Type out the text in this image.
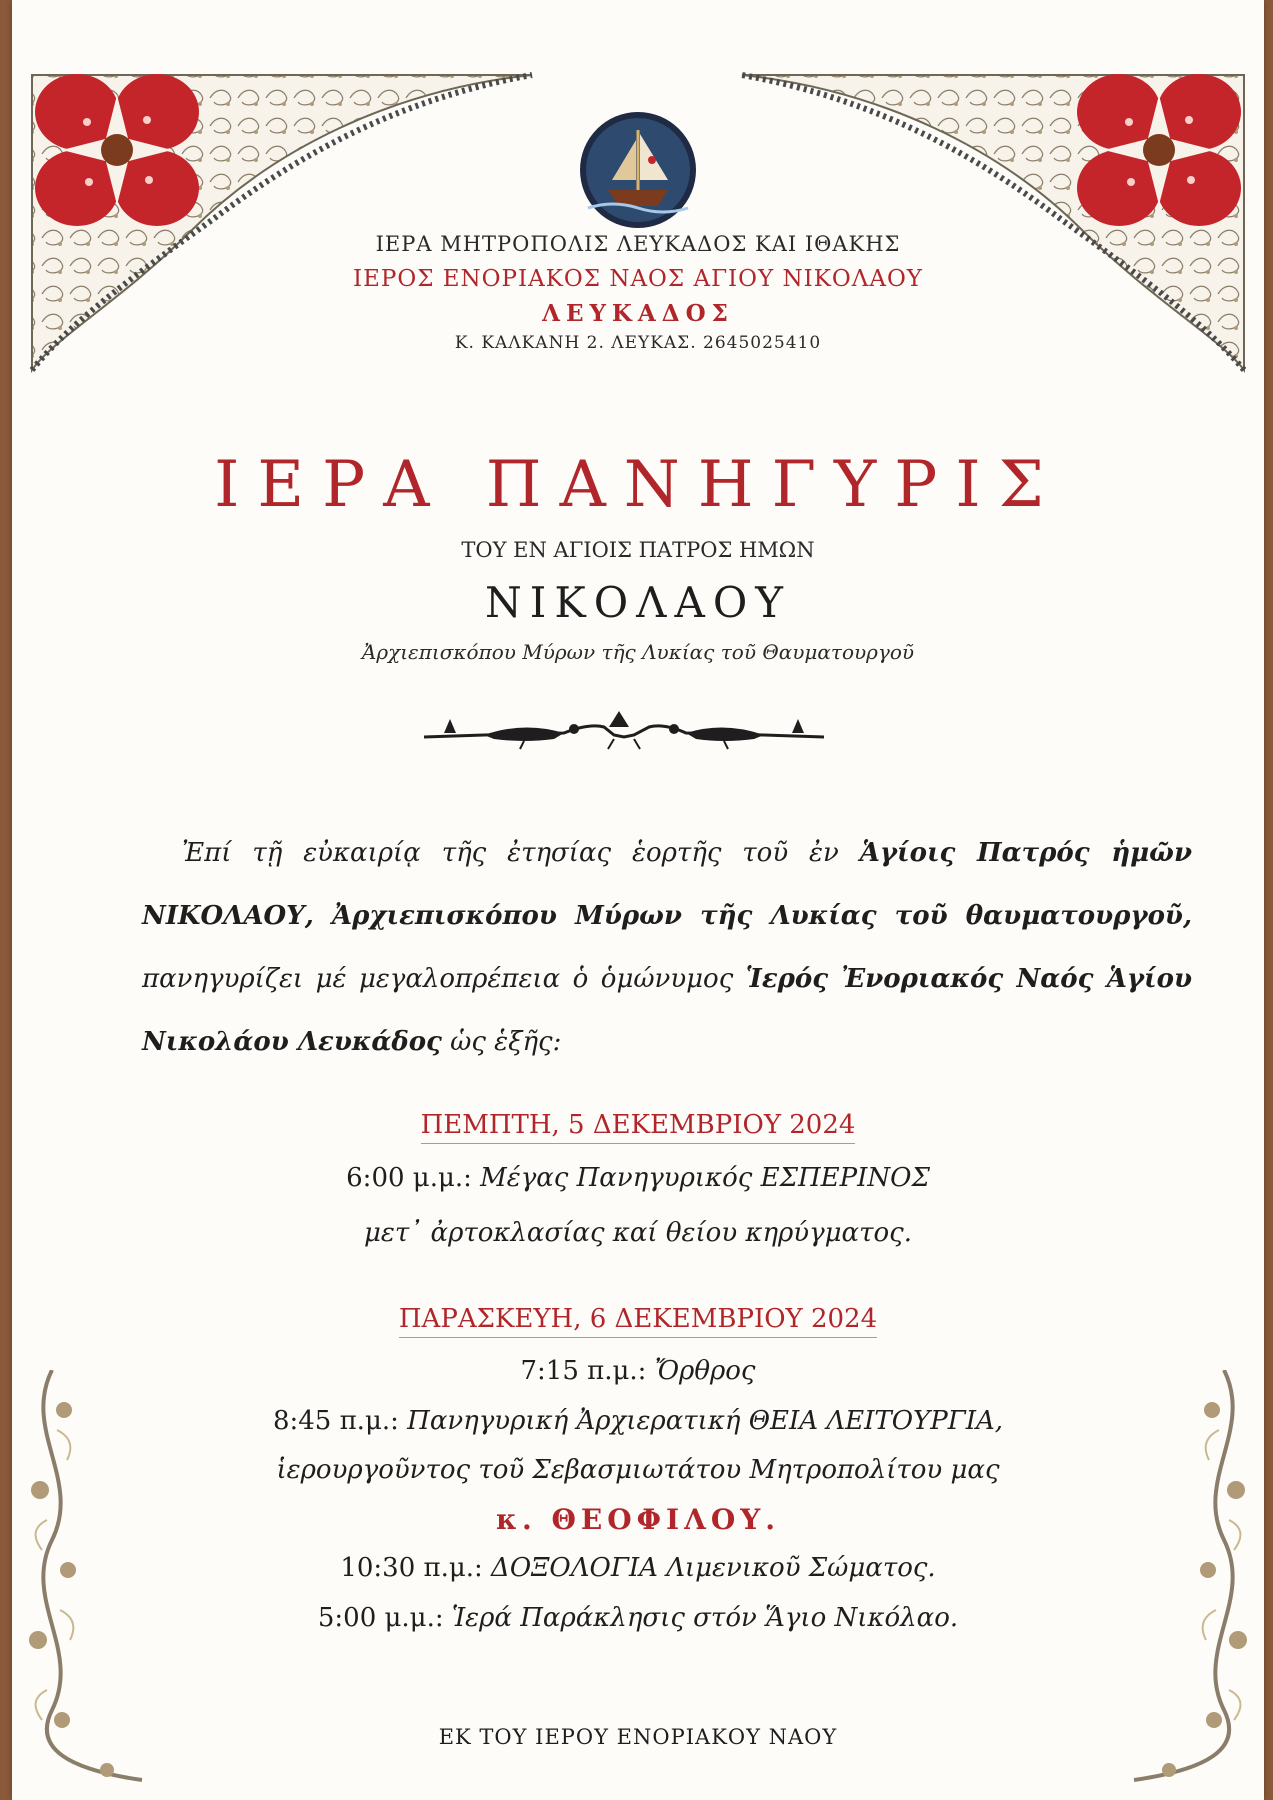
ΙΕΡΑ ΜΗΤΡΟΠΟΛΙΣ ΛΕΥΚΑΔΟΣ ΚΑΙ ΙΘΑΚΗΣ
ΙΕΡΟΣ ΕΝΟΡΙΑΚΟΣ ΝΑΟΣ ΑΓΙΟΥ ΝΙΚΟΛΑΟΥ
ΛΕΥΚΑΔΟΣ
Κ. ΚΑΛΚΑΝΗ 2. ΛΕΥΚΑΣ. 2645025410
ΙΕΡΑ ΠΑΝΗΓΥΡΙΣ
ΤΟΥ ΕΝ ΑΓΙΟΙΣ ΠΑΤΡΟΣ ΗΜΩΝ
ΝΙΚΟΛΑΟΥ
Ἀρχιεπισκόπου Μύρων τῆς Λυκίας τοῦ Θαυματουργοῦ
Ἐπί τῇ εὐκαιρίᾳ τῆς ἐτησίας ἑορτῆς τοῦ ἐν Ἁγίοις Πατρός ἡμῶν ΝΙΚΟΛΑΟΥ, Ἀρχιεπισκόπου Μύρων τῆς Λυκίας τοῦ θαυματουργοῦ, πανηγυρίζει μέ μεγαλοπρέπεια ὁ ὁμώνυμος Ἱερός Ἐνοριακός Ναός Ἁγίου Νικολάου Λευκάδος ὡς ἑξῆς:
ΠΕΜΠΤΗ, 5 ΔΕΚΕΜΒΡΙΟΥ 2024
6:00 μ.μ.: Μέγας Πανηγυρικός ΕΣΠΕΡΙΝΟΣ
μετ᾽ ἀρτοκλασίας καί θείου κηρύγματος.
ΠΑΡΑΣΚΕΥΗ, 6 ΔΕΚΕΜΒΡΙΟΥ 2024
7:15 π.μ.: Ὄρθρος
8:45 π.μ.: Πανηγυρική Ἀρχιερατική ΘΕΙΑ ΛΕΙΤΟΥΡΓΙΑ,
ἱερουργοῦντος τοῦ Σεβασμιωτάτου Μητροπολίτου μας
κ. ΘΕΟΦΙΛΟΥ.
10:30 π.μ.: ΔΟΞΟΛΟΓΙΑ Λιμενικοῦ Σώματος.
5:00 μ.μ.: Ἱερά Παράκλησις στόν Ἅγιο Νικόλαο.
ΕΚ ΤΟΥ ΙΕΡΟΥ ΕΝΟΡΙΑΚΟΥ ΝΑΟΥ
